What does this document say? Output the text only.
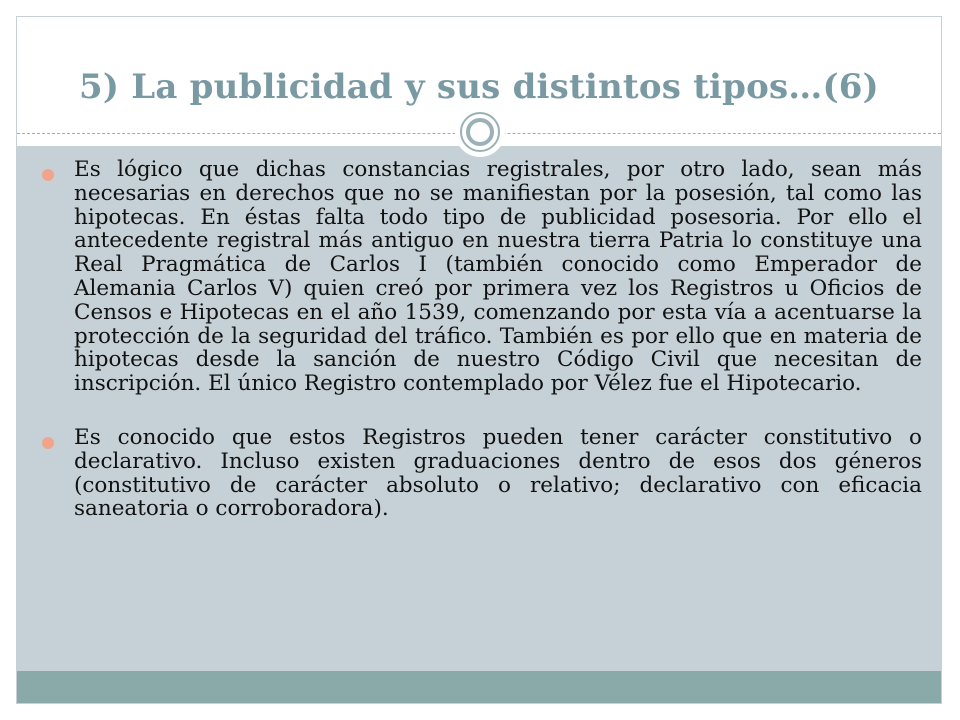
5) La publicidad y sus distintos tipos…(6)
Es lógico que dichas constancias registrales, por otro lado, sean más necesarias en derechos que no se manifiestan por la posesión, tal como las hipotecas. En éstas falta todo tipo de publicidad posesoria. Por ello el antecedente registral más antiguo en nuestra tierra Patria lo constituye una Real Pragmática de Carlos I (también conocido como Emperador de Alemania Carlos V) quien creó por primera vez los Registros u Oficios de Censos e Hipotecas en el año 1539, comenzando por esta vía a acentuarse la protección de la seguridad del tráfico. También es por ello que en materia de hipotecas desde la sanción de nuestro Código Civil que necesitan de inscripción. El único Registro contemplado por Vélez fue el Hipotecario.
Es conocido que estos Registros pueden tener carácter constitutivo o declarativo. Incluso existen graduaciones dentro de esos dos géneros (constitutivo de carácter absoluto o relativo; declarativo con eficacia saneatoria o corroboradora).
